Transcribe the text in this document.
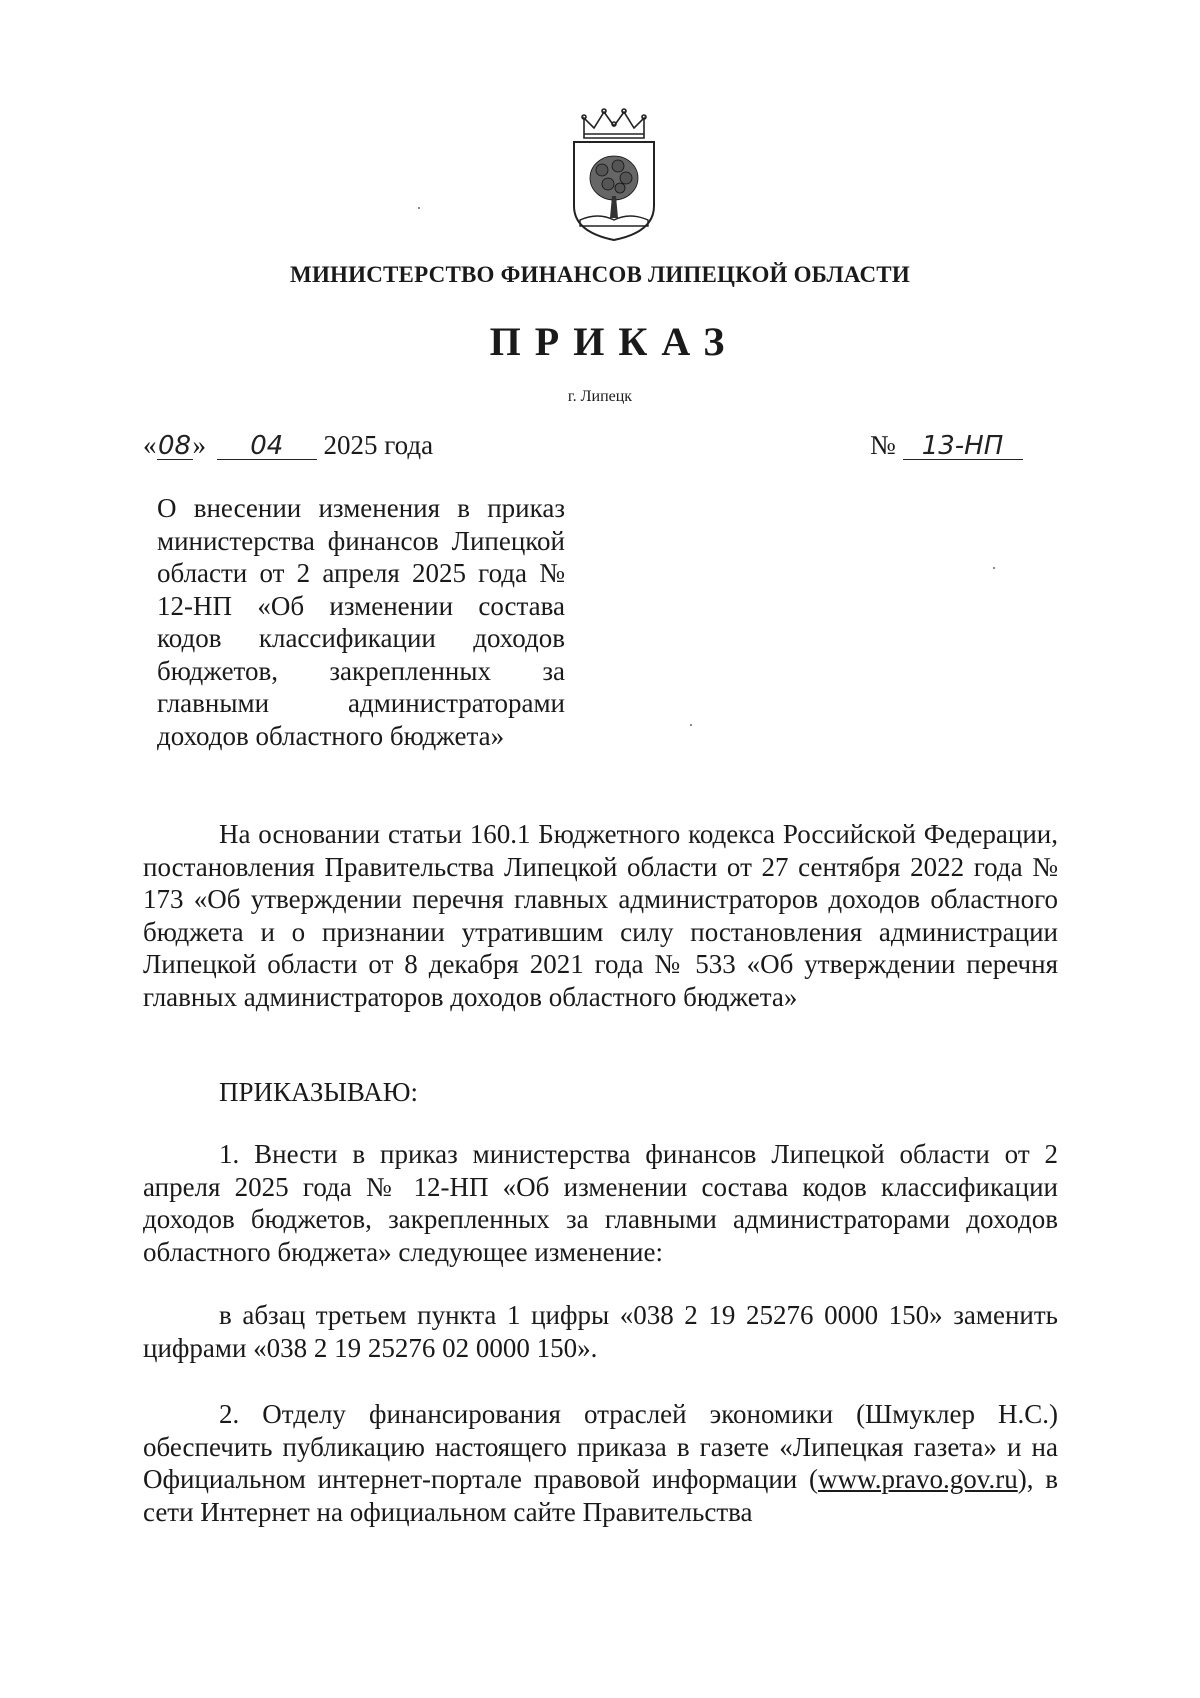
МИНИСТЕРСТВО ФИНАНСОВ ЛИПЕЦКОЙ ОБЛАСТИ
ПРИКАЗ
г. Липецк
«08» 04 2025 года	№ 13-НП
О внесении изменения в приказ министерства финансов Липецкой области от 2 апреля 2025 года № 12-НП «Об изменении состава кодов классификации доходов бюджетов, закрепленных за главными администраторами доходов областного бюджета»

На основании статьи 160.1 Бюджетного кодекса Российской Федерации, постановления Правительства Липецкой области от 27 сентября 2022 года № 173 «Об утверждении перечня главных администраторов доходов областного бюджета и о признании утратившим силу постановления администрации Липецкой области от 8 декабря 2021 года № 533 «Об утверждении перечня главных администраторов доходов областного бюджета»

ПРИКАЗЫВАЮ:

1. Внести в приказ министерства финансов Липецкой области от 2 апреля 2025 года № 12-НП «Об изменении состава кодов классификации доходов бюджетов, закрепленных за главными администраторами доходов областного бюджета» следующее изменение:

в абзац третьем пункта 1 цифры «038 2 19 25276 0000 150» заменить цифрами «038 2 19 25276 02 0000 150».

2. Отделу финансирования отраслей экономики (Шмуклер Н.С.) обеспечить публикацию настоящего приказа в газете «Липецкая газета» и на Официальном интернет-портале правовой информации (www.pravo.gov.ru), в сети Интернет на официальном сайте Правительства
